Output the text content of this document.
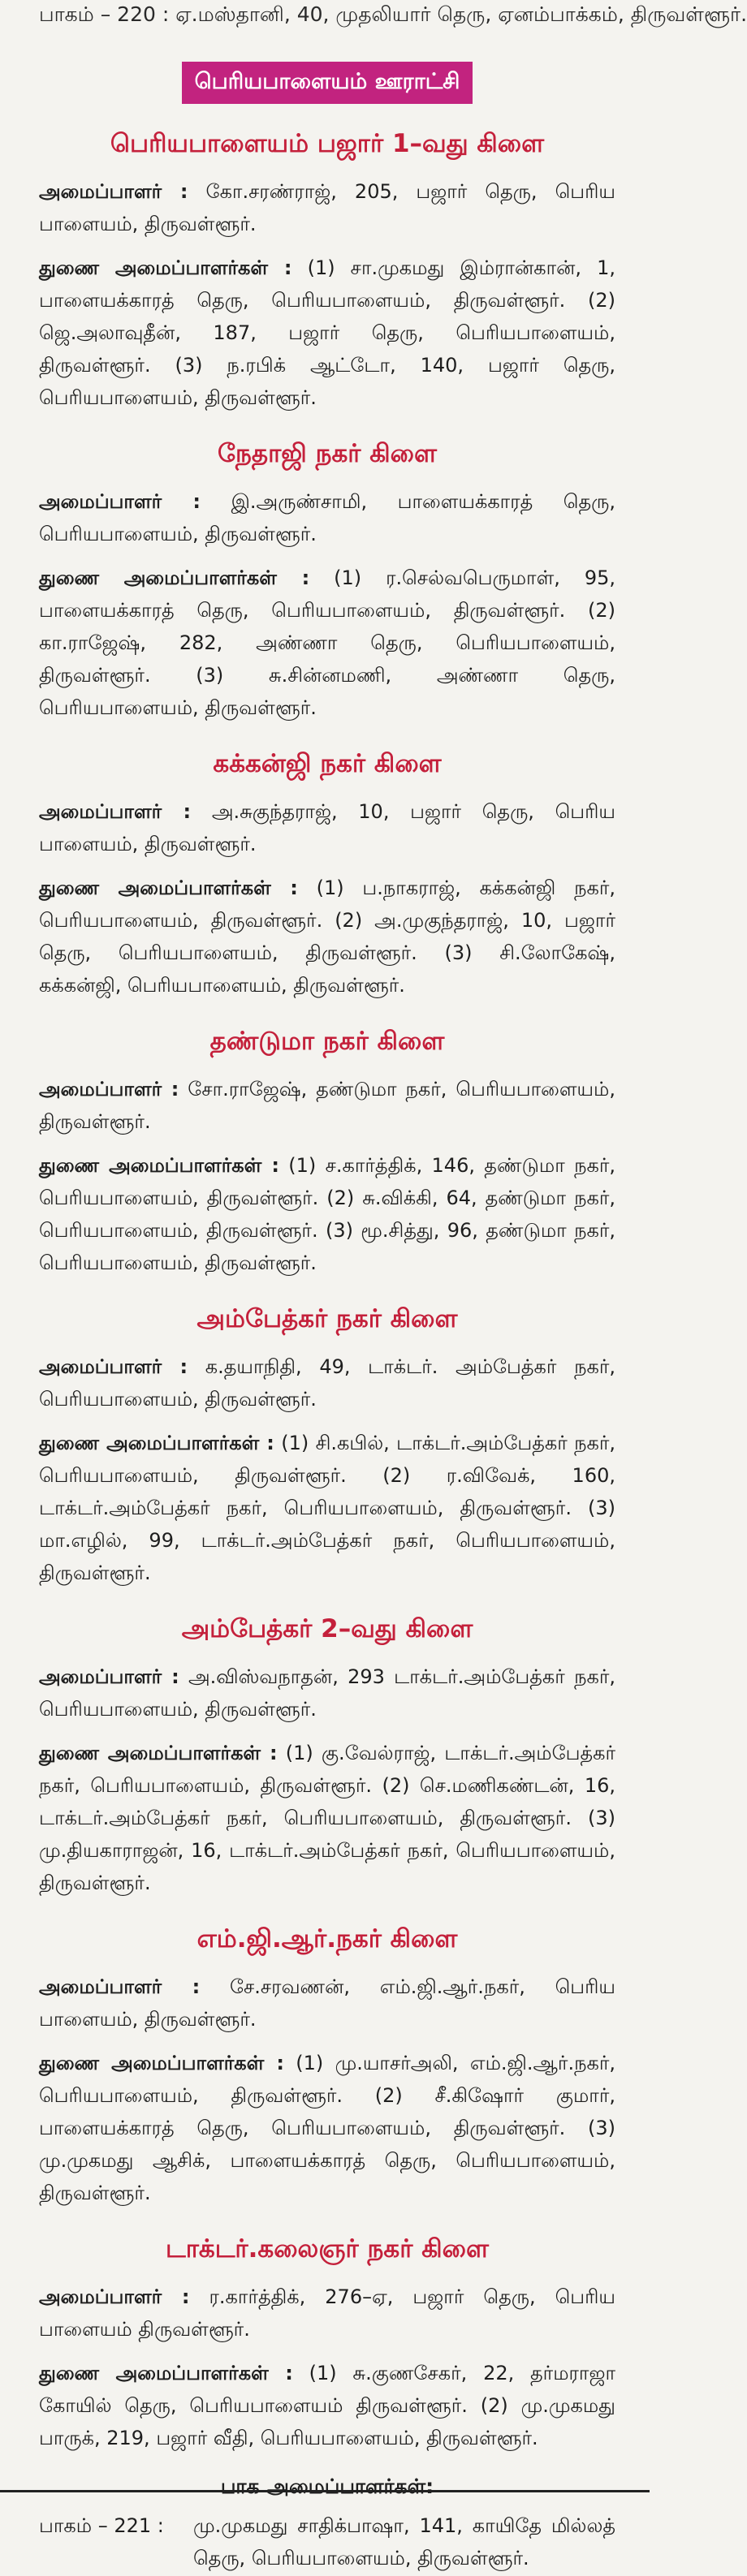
பாகம் – 220 : ஏ.மஸ்தானி, 40, முதலியார் தெரு, ஏனம்பாக்கம், திருவள்ளூர்.
பெரியபாளையம் ஊராட்சி
பெரியபாளையம் பஜார் 1–வது கிளை

அமைப்பாளர் : கோ.சரண்ராஜ், 205, பஜார் தெரு, பெரிய பாளையம், திருவள்ளூர்.

துணை அமைப்பாளர்கள் : (1) சா.முகமது இம்ரான்கான், 1, பாளையக்காரத் தெரு, பெரியபாளையம், திருவள்ளூர். (2) ஜெ.அலாவுதீன், 187, பஜார் தெரு, பெரியபாளையம், திருவள்ளூர். (3) ந.ரபிக் ஆட்டோ, 140, பஜார் தெரு, பெரியபாளையம், திருவள்ளூர்.

நேதாஜி நகர் கிளை

அமைப்பாளர் : இ.அருண்சாமி, பாளையக்காரத் தெரு, பெரியபாளையம், திருவள்ளூர்.

துணை அமைப்பாளர்கள் : (1) ர.செல்வபெருமாள், 95, பாளையக்காரத் தெரு, பெரியபாளையம், திருவள்ளூர். (2) கா.ராஜேஷ், 282, அண்ணா தெரு, பெரியபாளையம், திருவள்ளூர். (3) சு.சின்னமணி, அண்ணா தெரு, பெரியபாளையம், திருவள்ளூர்.

கக்கன்ஜி நகர் கிளை

அமைப்பாளர் : அ.சுகுந்தராஜ், 10, பஜார் தெரு, பெரிய பாளையம், திருவள்ளூர்.

துணை அமைப்பாளர்கள் : (1) ப.நாகராஜ், கக்கன்ஜி நகர், பெரியபாளையம், திருவள்ளூர். (2) அ.முகுந்தராஜ், 10, பஜார் தெரு, பெரியபாளையம், திருவள்ளூர். (3) சி.லோகேஷ், கக்கன்ஜி, பெரியபாளையம், திருவள்ளூர்.

தண்டுமா நகர் கிளை

அமைப்பாளர் : சோ.ராஜேஷ், தண்டுமா நகர், பெரியபாளையம், திருவள்ளூர்.

துணை அமைப்பாளர்கள் : (1) ச.கார்த்திக், 146, தண்டுமா நகர், பெரியபாளையம், திருவள்ளூர். (2) சு.விக்கி, 64, தண்டுமா நகர், பெரியபாளையம், திருவள்ளூர். (3) மூ.சித்து, 96, தண்டுமா நகர், பெரியபாளையம், திருவள்ளூர்.

அம்பேத்கர் நகர் கிளை

அமைப்பாளர் : க.தயாநிதி, 49, டாக்டர். அம்பேத்கர் நகர், பெரியபாளையம், திருவள்ளூர்.

துணை அமைப்பாளர்கள் : (1) சி.கபில், டாக்டர்.அம்பேத்கர் நகர், பெரியபாளையம், திருவள்ளூர். (2) ர.விவேக், 160, டாக்டர்.அம்பேத்கர் நகர், பெரியபாளையம், திருவள்ளூர். (3) மா.எழில், 99, டாக்டர்.அம்பேத்கர் நகர், பெரியபாளையம், திருவள்ளூர்.

அம்பேத்கர் 2–வது கிளை

அமைப்பாளர் : அ.விஸ்வநாதன், 293 டாக்டர்.அம்பேத்கர் நகர், பெரியபாளையம், திருவள்ளூர்.

துணை அமைப்பாளர்கள் : (1) கு.வேல்ராஜ், டாக்டர்.அம்பேத்கர் நகர், பெரியபாளையம், திருவள்ளூர். (2) செ.மணிகண்டன், 16, டாக்டர்.அம்பேத்கர் நகர், பெரியபாளையம், திருவள்ளூர். (3) மு.தியகாராஜன், 16, டாக்டர்.அம்பேத்கர் நகர், பெரியபாளையம், திருவள்ளூர்.

எம்.ஜி.ஆர்.நகர் கிளை

அமைப்பாளர் : சே.சரவணன், எம்.ஜி.ஆர்.நகர், பெரிய பாளையம், திருவள்ளூர்.

துணை அமைப்பாளர்கள் : (1) மு.யாசர்அலி, எம்.ஜி.ஆர்.நகர், பெரியபாளையம், திருவள்ளூர். (2) சீ.கிஷோர் குமார், பாளையக்காரத் தெரு, பெரியபாளையம், திருவள்ளூர். (3) மு.முகமது ஆசிக், பாளையக்காரத் தெரு, பெரியபாளையம், திருவள்ளூர்.

டாக்டர்.கலைஞர் நகர் கிளை

அமைப்பாளர் : ர.கார்த்திக், 276–ஏ, பஜார் தெரு, பெரிய பாளையம் திருவள்ளூர்.

துணை அமைப்பாளர்கள் : (1) சு.குணசேகர், 22, தர்மராஜா கோயில் தெரு, பெரியபாளையம் திருவள்ளூர். (2) மு.முகமது பாருக், 219, பஜார் வீதி, பெரியபாளையம், திருவள்ளூர்.

பாக அமைப்பாளர்கள்:
பாகம் – 221 :	மு.முகமது சாதிக்பாஷா, 141, காயிதே மில்லத் தெரு, பெரியபாளையம், திருவள்ளூர்.
